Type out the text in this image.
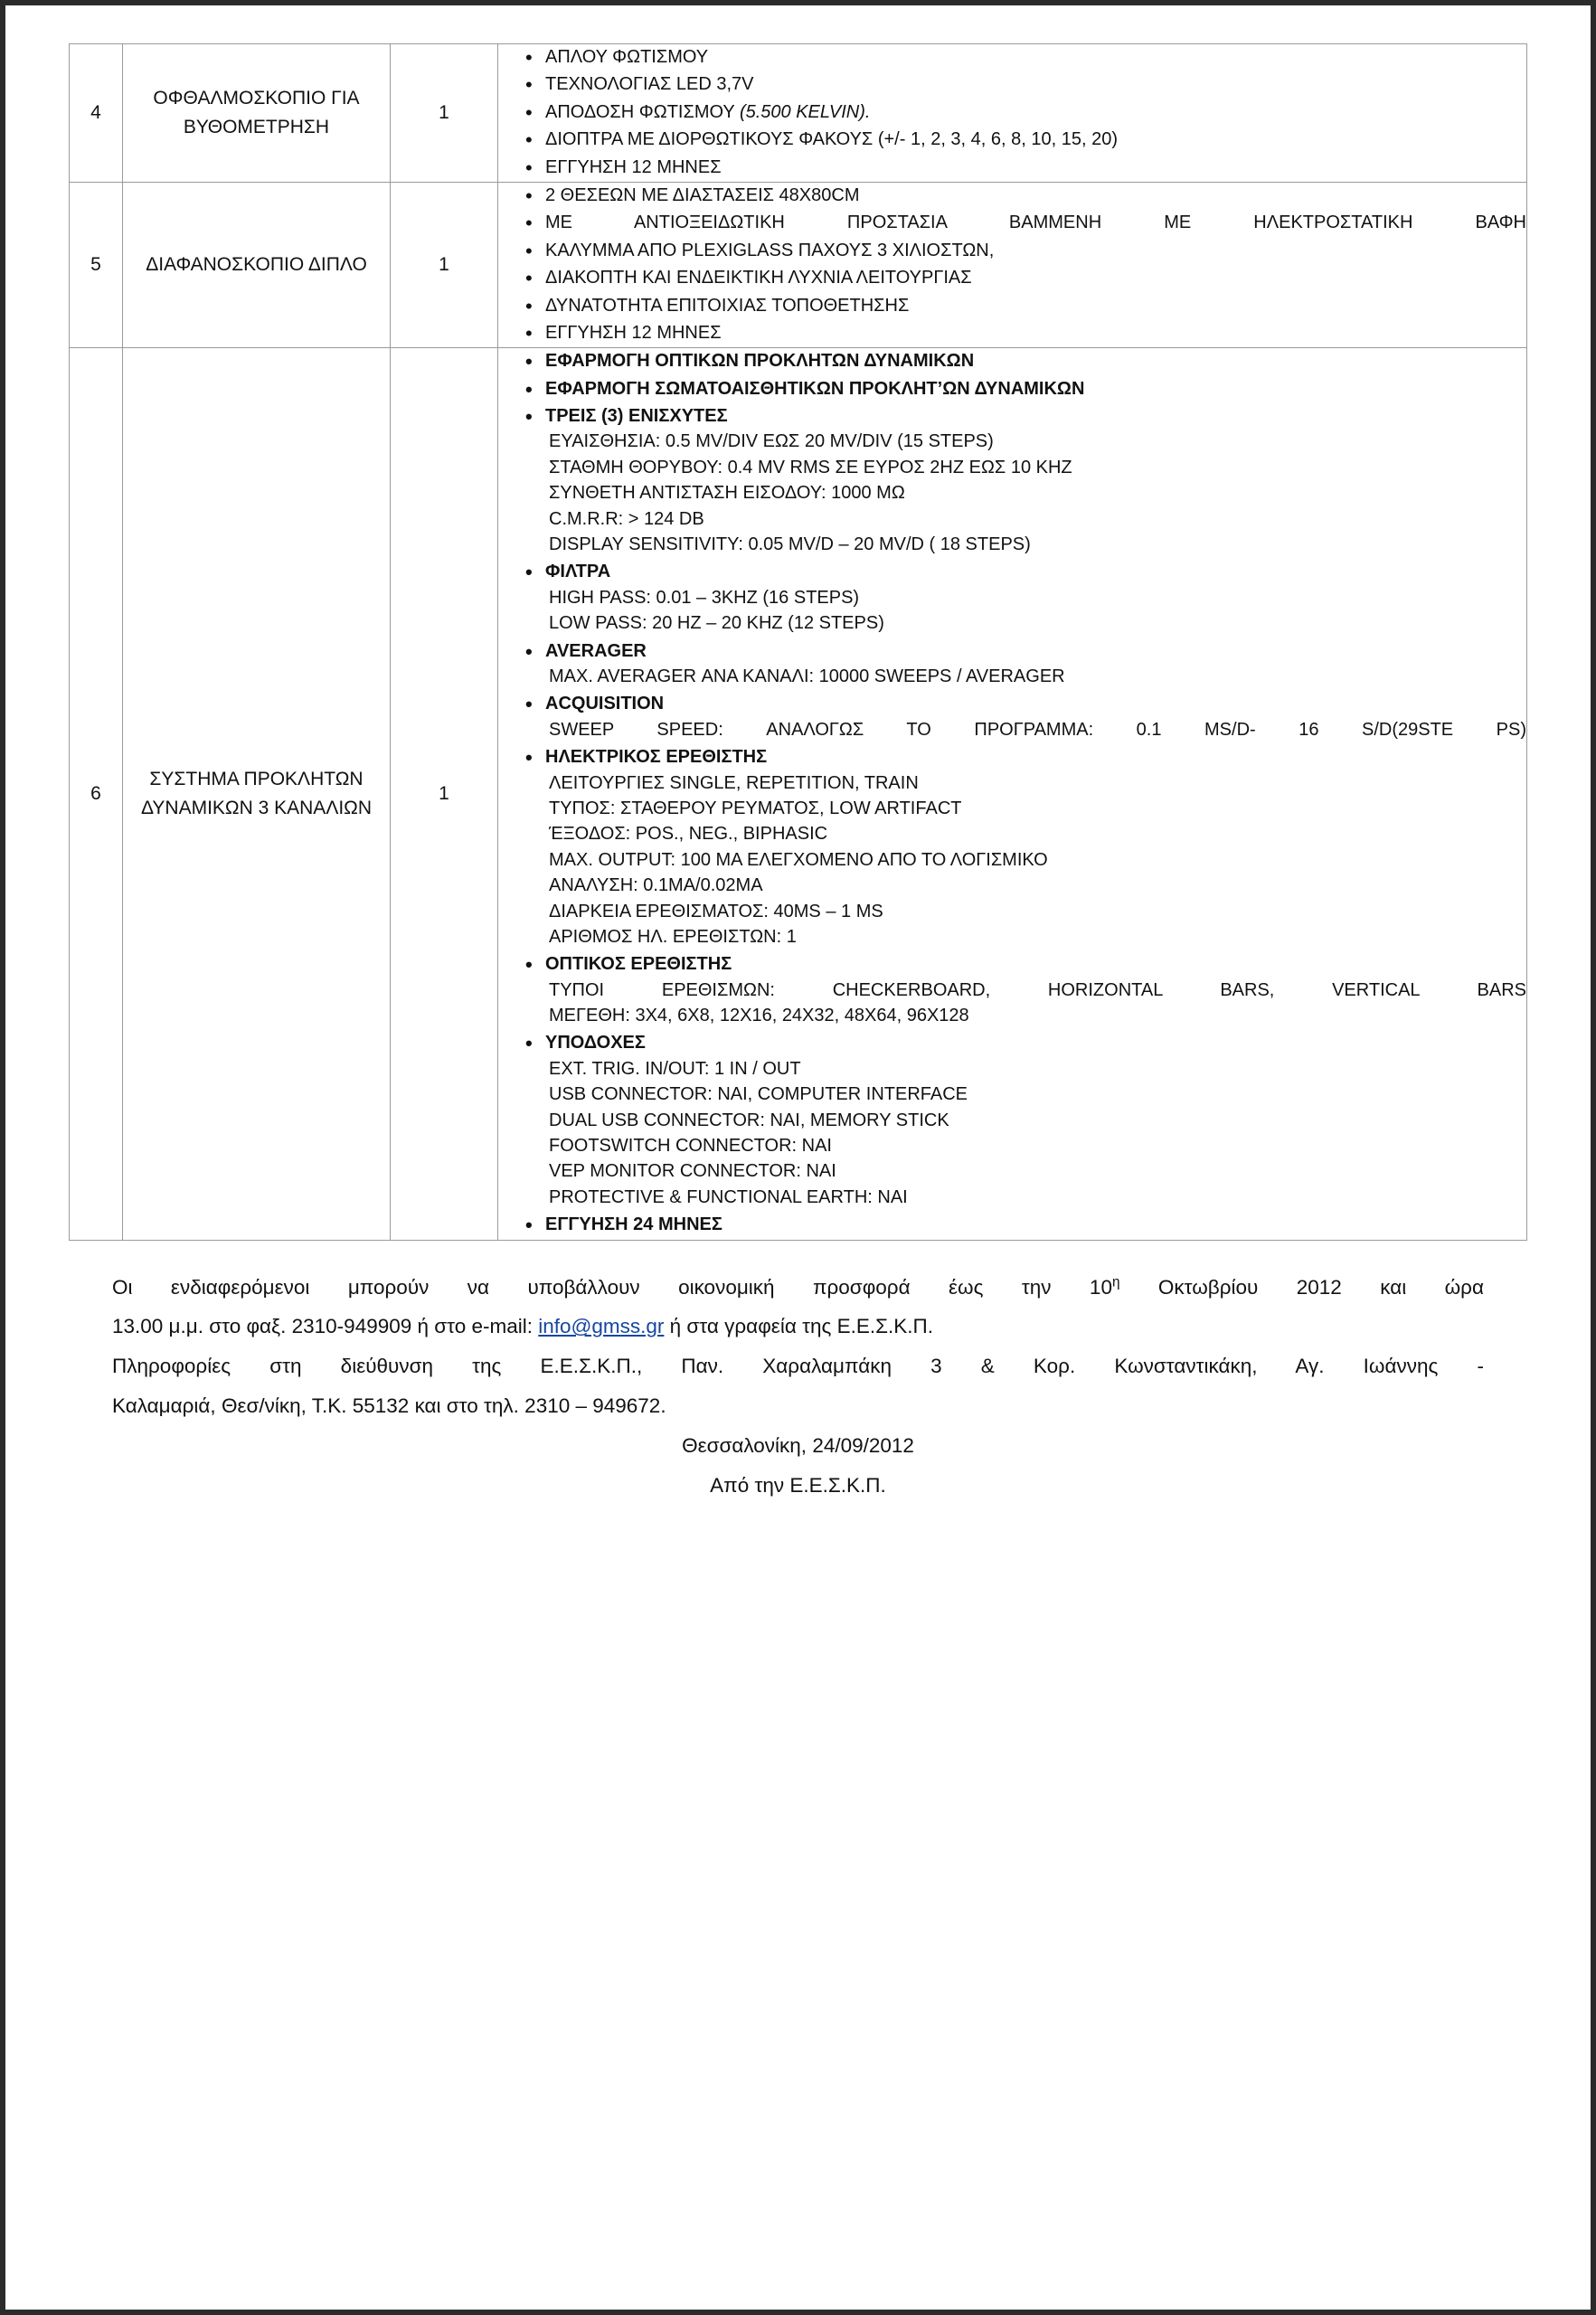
4	ΟΦΘΑΛΜΟΣΚΟΠΙΟ ΓΙΑ ΒΥΘΟΜΕΤΡΗΣΗ	1	
• ΑΠΛΟΥ ΦΩΤΙΣΜΟΥ
• ΤΕΧΝΟΛΟΓΙΑΣ LED 3,7V
• ΑΠΟΔΟΣΗ ΦΩΤΙΣΜΟΥ (5.500 KELVIN).
• ΔΙΟΠΤΡΑ ΜΕ ΔΙΟΡΘΩΤΙΚΟΥΣ ΦΑΚΟΥΣ (+/- 1, 2, 3, 4, 6, 8, 10, 15, 20)
• ΕΓΓΥΗΣΗ 12 ΜΗΝΕΣ

5	ΔΙΑΦΑΝΟΣΚΟΠΙΟ ΔΙΠΛΟ	1	
• 2 ΘΕΣΕΩΝ ΜΕ ΔΙΑΣΤΑΣΕΙΣ 48Χ80CM
• ΜΕ ΑΝΤΙΟΞΕΙΔΩΤΙΚΗ ΠΡΟΣΤΑΣΙΑ ΒΑΜΜΕΝΗ ΜΕ ΗΛΕΚΤΡΟΣΤΑΤΙΚΗ ΒΑΦΗ
• ΚΑΛΥΜΜΑ ΑΠΟ PLEXIGLASS ΠΑΧΟΥΣ 3 ΧΙΛΙΟΣΤΩΝ,
• ΔΙΑΚΟΠΤΗ ΚΑΙ ΕΝΔΕΙΚΤΙΚΗ ΛΥΧΝΙΑ ΛΕΙΤΟΥΡΓΙΑΣ
• ΔΥΝΑΤΟΤΗΤΑ ΕΠΙΤΟΙΧΙΑΣ ΤΟΠΟΘΕΤΗΣΗΣ
• ΕΓΓΥΗΣΗ 12 ΜΗΝΕΣ

6	ΣΥΣΤΗΜΑ ΠΡΟΚΛΗΤΩΝ ΔΥΝΑΜΙΚΩΝ 3 ΚΑΝΑΛΙΩΝ	1	
• ΕΦΑΡΜΟΓΗ ΟΠΤΙΚΩΝ ΠΡΟΚΛΗΤΩΝ ΔΥΝΑΜΙΚΩΝ
• ΕΦΑΡΜΟΓΗ ΣΩΜΑΤΟΑΙΣΘΗΤΙΚΩΝ ΠΡΟΚΛΗΤ’ΩΝ ΔΥΝΑΜΙΚΩΝ
• ΤΡΕΙΣ (3) ΕΝΙΣΧΥΤΕΣ
ΕΥΑΙΣΘΗΣΙΑ: 0.5 MV/DIV ΕΩΣ 20 MV/DIV (15 STEPS)
ΣΤΑΘΜΗ ΘΟΡΥΒΟΥ: 0.4 MV RMS ΣΕ ΕΥΡΟΣ 2ΗΖ ΕΩΣ 10 ΚΗΖ
ΣΥΝΘΕΤΗ ΑΝΤΙΣΤΑΣΗ ΕΙΣΟΔΟΥ: 1000 ΜΩ
C.M.R.R: > 124 DB
DISPLAY SENSITIVITY: 0.05 MV/D – 20 MV/D ( 18 STEPS)
• ΦΙΛΤΡΑ
HIGH PASS: 0.01 – 3KHZ (16 STEPS)
LOW PASS: 20 HZ – 20 KHZ (12 STEPS)
• AVERAGER
MAX. AVERAGER ΑΝΑ ΚΑΝΑΛΙ: 10000 SWEEPS / AVERAGER
• ACQUISITION
SWEEP SPEED: ΑΝΑΛΟΓΩΣ ΤΟ ΠΡΟΓΡΑΜΜΑ: 0.1 MS/D- 16 S/D(29STE PS)
• ΗΛΕΚΤΡΙΚΟΣ ΕΡΕΘΙΣΤΗΣ
ΛΕΙΤΟΥΡΓΙΕΣ SINGLE, REPETITION, TRAIN
ΤΥΠΟΣ: ΣΤΑΘΕΡΟΥ ΡΕΥΜΑΤΟΣ, LOW ARTIFACT
ΈΞΟΔΟΣ: POS., NEG., BIPHASIC
MAX. OUTPUT: 100 ΜΑ ΕΛΕΓΧΟΜΕΝΟ ΑΠΟ ΤΟ ΛΟΓΙΣΜΙΚΟ
ΑΝΑΛΥΣΗ: 0.1ΜΑ/0.02ΜΑ
ΔΙΑΡΚΕΙΑ ΕΡΕΘΙΣΜΑΤΟΣ: 40MS – 1 MS
ΑΡΙΘΜΟΣ ΗΛ. ΕΡΕΘΙΣΤΩΝ: 1
• ΟΠΤΙΚΟΣ ΕΡΕΘΙΣΤΗΣ
ΤΥΠΟΙ ΕΡΕΘΙΣΜΩΝ: CHECKERBOARD, HORIZONTAL BARS, VERTICAL BARS
ΜΕΓΕΘΗ: 3Χ4, 6Χ8, 12Χ16, 24Χ32, 48Χ64, 96Χ128
• ΥΠΟΔΟΧΕΣ
EXT. TRIG. IN/OUT: 1 IN / OUT
USB CONNECTOR: ΝΑΙ, COMPUTER INTERFACE
DUAL USB CONNECTOR: ΝΑΙ, MEMORY STICK
FOOTSWITCH CONNECTOR: ΝΑΙ
VEP MONITOR CONNECTOR: ΝΑΙ
PROTECTIVE & FUNCTIONAL EARTH: ΝΑΙ
• ΕΓΓΥΗΣΗ 24 ΜΗΝΕΣ

Οι ενδιαφερόμενοι μπορούν να υποβάλλουν οικονομική προσφορά έως την $10^\eta$ Οκτωβρίου 2012 και ώρα

13.00 μ.μ. στο φαξ. 2310-949909 ή στο e-mail: info@gmss.gr ή στα γραφεία της Ε.Ε.Σ.Κ.Π.

Πληροφορίες στη διεύθυνση της Ε.Ε.Σ.Κ.Π., Παν. Χαραλαμπάκη 3 & Κορ. Κωνσταντικάκη, Αγ. Ιωάννης -

Καλαμαριά, Θεσ/νίκη, Τ.Κ. 55132 και στο τηλ. 2310 – 949672.

Θεσσαλονίκη, 24/09/2012

Από την Ε.Ε.Σ.Κ.Π.
